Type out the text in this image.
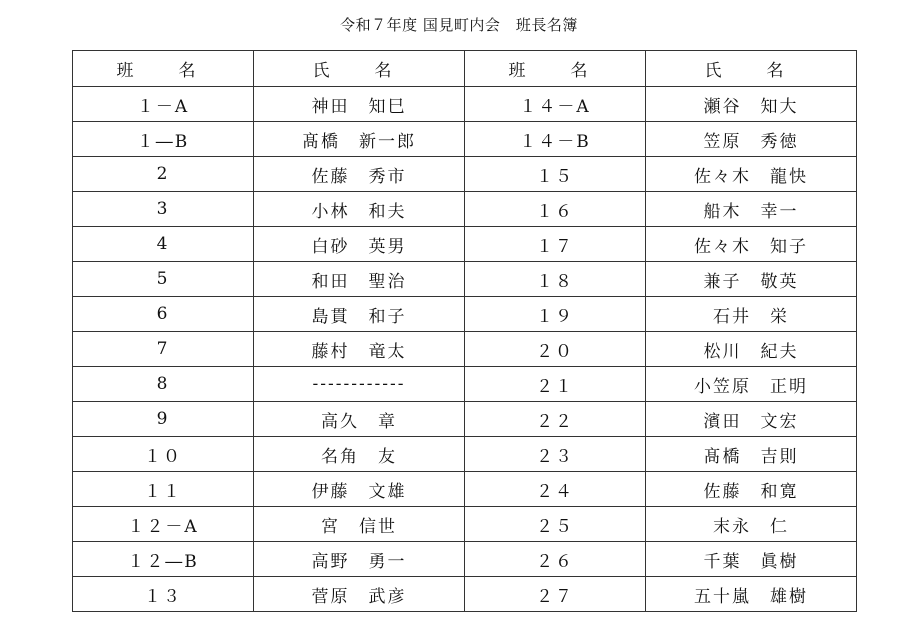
令和７年度 国見町内会　班長名簿
班　名	氏　名	班　名	氏　名
１－A	神田　知巳	１４－A	瀬谷　知大
１―B	髙橋　新一郎	１４－B	笠原　秀徳
2	佐藤　秀市	１５	佐々木　龍快
3	小林　和夫	１６	船木　幸一
4	白砂　英男	１７	佐々木　知子
5	和田　聖治	１８	兼子　敬英
6	島貫　和子	１９	石井　栄
7	藤村　竜太	２０	松川　紀夫
8	------------	２１	小笠原　正明
9	高久　章	２２	濱田　文宏
１０	名角　友	２３	髙橋　吉則
１１	伊藤　文雄	２４	佐藤　和寛
１２－A	宮　信世	２５	末永　仁
１２―B	高野　勇一	２６	千葉　眞樹
１３	菅原　武彦	２７	五十嵐　雄樹
